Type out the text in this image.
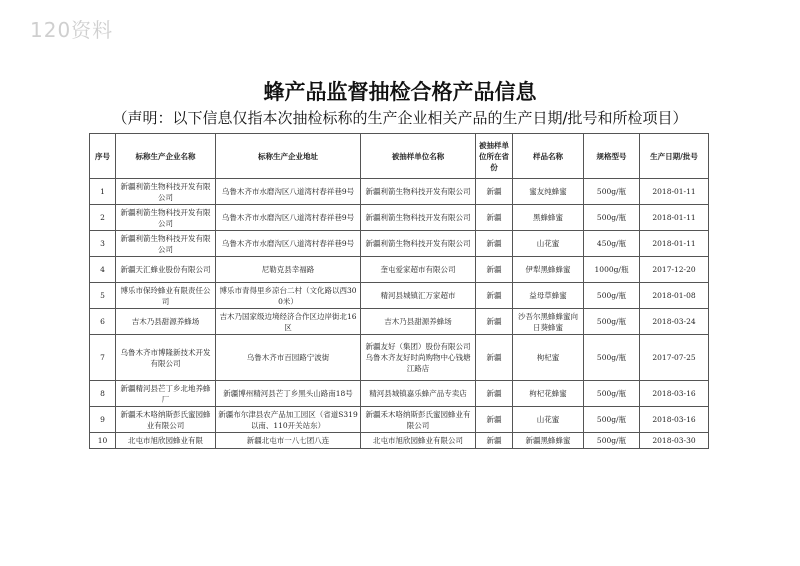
120资料
蜂产品监督抽检合格产品信息
（声明：以下信息仅指本次抽检标称的生产企业相关产品的生产日期/批号和所检项目）
序号	标称生产企业名称	标称生产企业地址	被抽样单位名称	被抽样单位所在省份	样品名称	规格型号	生产日期/批号
1	新疆利箭生物科技开发有限公司	乌鲁木齐市水磨沟区八道湾村春祥巷9号	新疆利箭生物科技开发有限公司	新疆	蜜友纯蜂蜜	500g/瓶	2018-01-11
2	新疆利箭生物科技开发有限公司	乌鲁木齐市水磨沟区八道湾村春祥巷9号	新疆利箭生物科技开发有限公司	新疆	黑蜂蜂蜜	500g/瓶	2018-01-11
3	新疆利箭生物科技开发有限公司	乌鲁木齐市水磨沟区八道湾村春祥巷9号	新疆利箭生物科技开发有限公司	新疆	山花蜜	450g/瓶	2018-01-11
4	新疆天汇蜂业股份有限公司	尼勒克县幸福路	奎屯爱家超市有限公司	新疆	伊犁黑蜂蜂蜜	1000g/瓶	2017-12-20
5	博乐市保玲蜂业有限责任公司	博乐市青得里乡凉台二村（文化路以西300米）	精河县城镇汇万家超市	新疆	益母草蜂蜜	500g/瓶	2018-01-08
6	吉木乃县甜源养蜂场	吉木乃国家级边境经济合作区边岸街北16区	吉木乃县甜源养蜂场	新疆	沙吾尔黑蜂蜂蜜向日葵蜂蜜	500g/瓶	2018-03-24
7	乌鲁木齐市博隆新技术开发有限公司	乌鲁木齐市百园路宁波街	新疆友好（集团）股份有限公司乌鲁木齐友好时尚购物中心钱塘江路店	新疆	枸杞蜜	500g/瓶	2017-07-25
8	新疆精河县芒丁乡北地养蜂厂	新疆博州精河县芒丁乡黑头山路南18号	精河县城镇嘉乐蜂产品专卖店	新疆	枸杞花蜂蜜	500g/瓶	2018-03-16
9	新疆禾木咯纳斯彭氏蜜园蜂业有限公司	新疆布尔津县农产品加工园区（省道S319以南、110开关站东）	新疆禾木咯纳斯彭氏蜜园蜂业有限公司	新疆	山花蜜	500g/瓶	2018-03-16
10	北屯市旭欣园蜂业有限	新疆北屯市一八七团八连	北屯市旭欣园蜂业有限公司	新疆	新疆黑蜂蜂蜜	500g/瓶	2018-03-30
